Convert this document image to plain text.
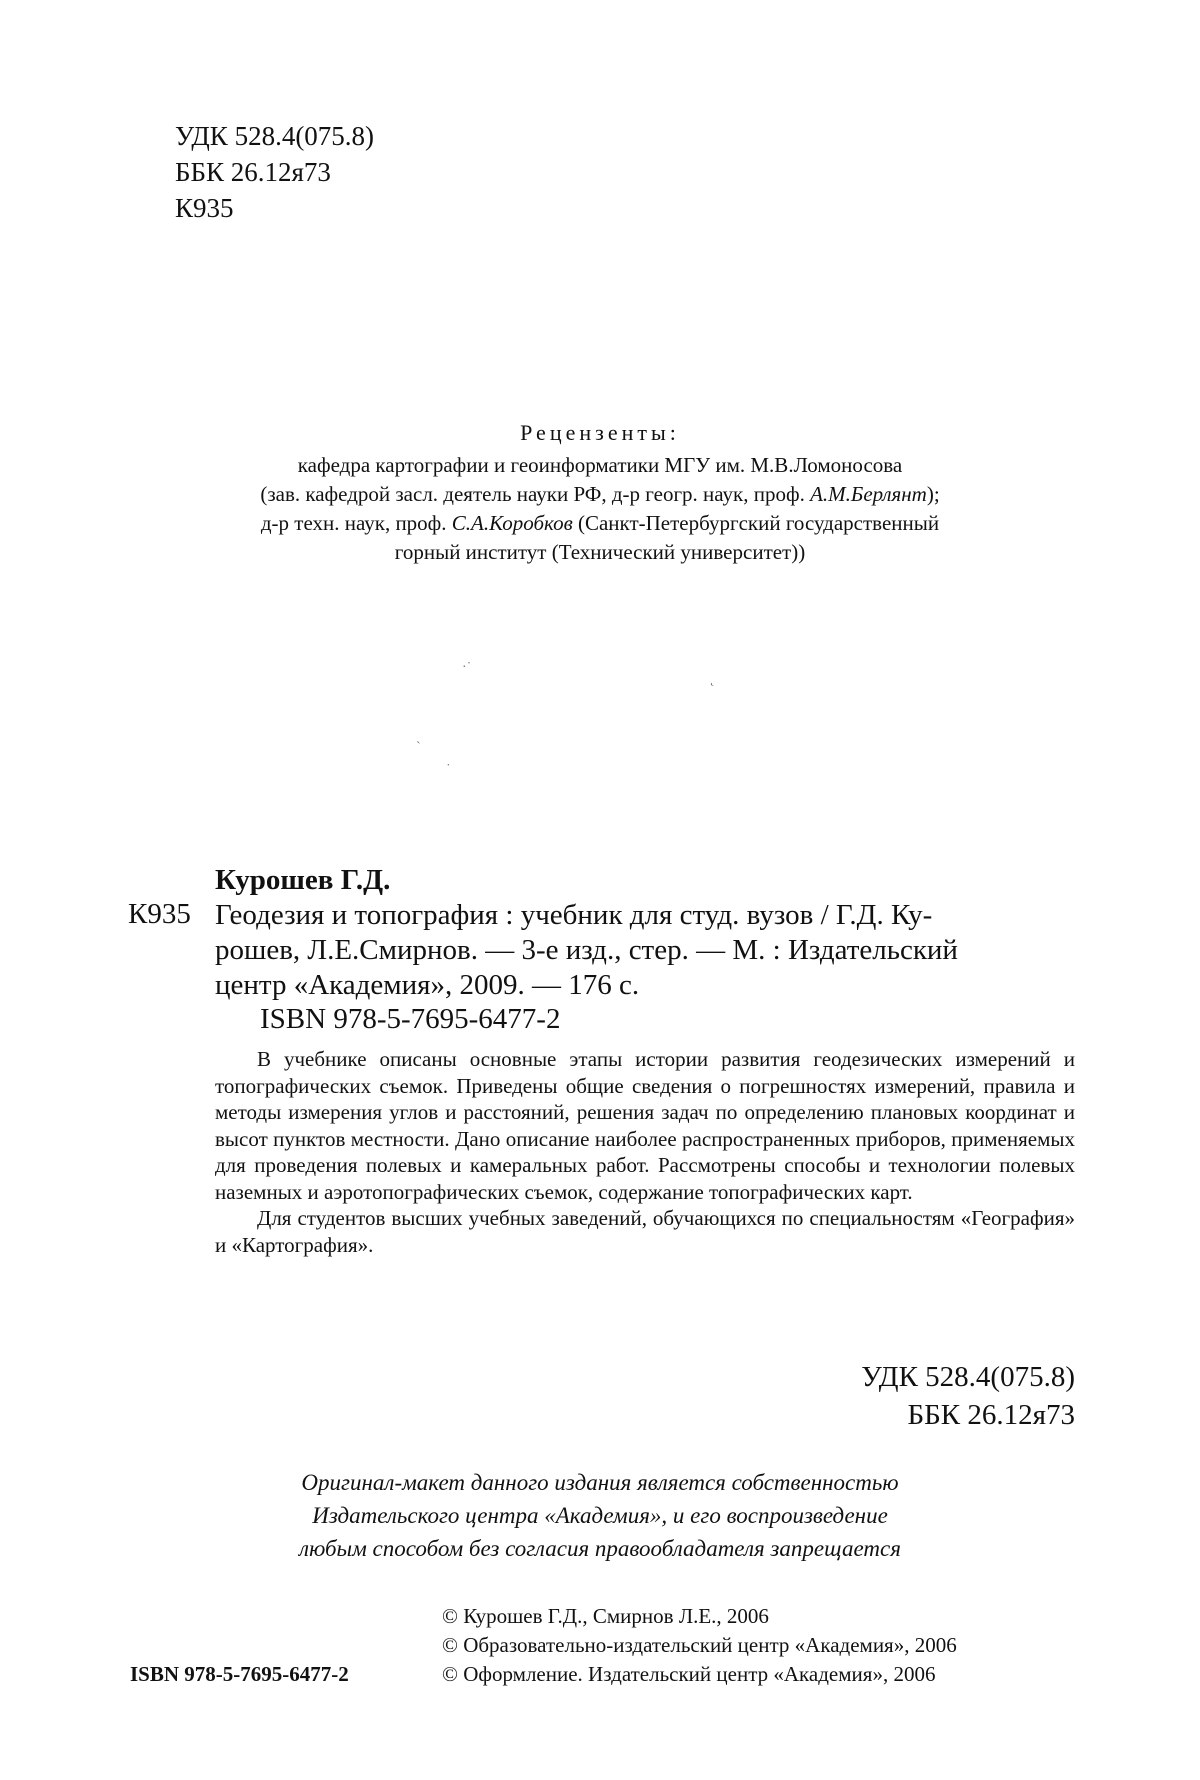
УДК 528.4(075.8)
ББК 26.12я73
К935
Рецензенты:
кафедра картографии и геоинформатики МГУ им. М.В.Ломоносова
(зав. кафедрой засл. деятель науки РФ, д-р геогр. наук, проф. А.М.Берлянт);
д-р техн. наук, проф. С.А.Коробков (Санкт-Петербургский государственный
горный институт (Технический университет))
·˙
˛
ˋ
˙
Курошев Г.Д.
К935 Геодезия и топография : учебник для студ. вузов / Г.Д. Ку-
рошев, Л.Е.Смирнов. — 3-е изд., стер. — М. : Издательский
центр «Академия», 2009. — 176 с.
ISBN 978-5-7695-6477-2

В учебнике описаны основные этапы истории развития геодезических измерений и топографических съемок. Приведены общие сведения о погрешностях измерений, правила и методы измерения углов и расстояний, решения задач по определению плановых координат и высот пунктов местности. Дано описание наиболее распространенных приборов, применяемых для проведения полевых и камеральных работ. Рассмотрены способы и технологии полевых наземных и аэротопографических съемок, содержание топографических карт.

Для студентов высших учебных заведений, обучающихся по специальностям «География» и «Картография».

УДК 528.4(075.8)
ББК 26.12я73
Оригинал-макет данного издания является собственностью
Издательского центра «Академия», и его воспроизведение
любым способом без согласия правообладателя запрещается
© Курошев Г.Д., Смирнов Л.Е., 2006
© Образовательно-издательский центр «Академия», 2006
© Оформление. Издательский центр «Академия», 2006
ISBN 978-5-7695-6477-2
